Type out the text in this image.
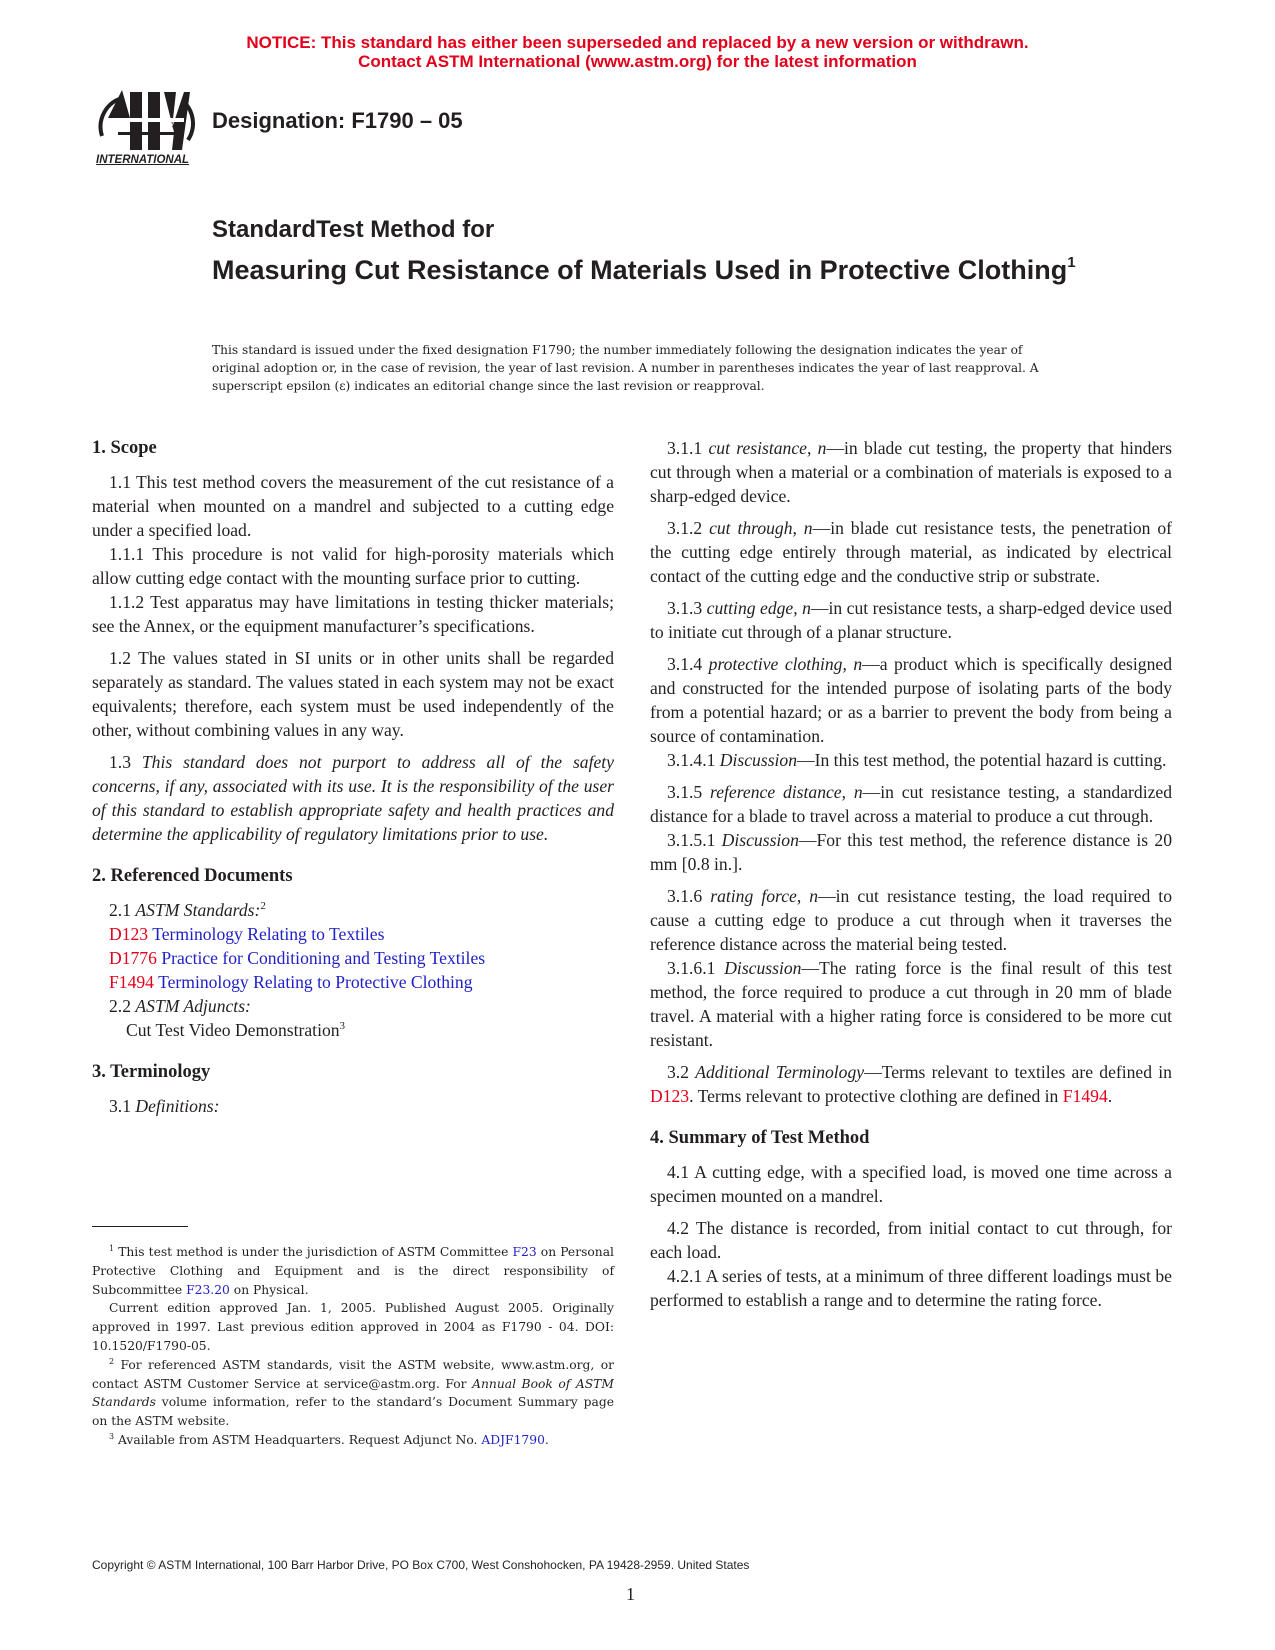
NOTICE: This standard has either been superseded and replaced by a new version or withdrawn.
Contact ASTM International (www.astm.org) for the latest information
INTERNATIONAL
Designation: F1790 – 05
StandardTest Method for
Measuring Cut Resistance of Materials Used in Protective Clothing$^1$
This standard is issued under the fixed designation F1790; the number immediately following the designation indicates the year of original adoption or, in the case of revision, the year of last revision. A number in parentheses indicates the year of last reapproval. A superscript epsilon (ε) indicates an editorial change since the last revision or reapproval.
1. Scope

1.1 This test method covers the measurement of the cut resistance of a material when mounted on a mandrel and subjected to a cutting edge under a specified load.

1.1.1 This procedure is not valid for high-porosity materials which allow cutting edge contact with the mounting surface prior to cutting.

1.1.2 Test apparatus may have limitations in testing thicker materials; see the Annex, or the equipment manufacturer’s specifications.

1.2 The values stated in SI units or in other units shall be regarded separately as standard. The values stated in each system may not be exact equivalents; therefore, each system must be used independently of the other, without combining values in any way.

1.3 This standard does not purport to address all of the safety concerns, if any, associated with its use. It is the responsibility of the user of this standard to establish appropriate safety and health practices and determine the applicability of regulatory limitations prior to use.

2. Referenced Documents

2.1 ASTM Standards:$^2$

D123 Terminology Relating to Textiles

D1776 Practice for Conditioning and Testing Textiles

F1494 Terminology Relating to Protective Clothing

2.2 ASTM Adjuncts:

Cut Test Video Demonstration$^3$

3. Terminology

3.1 Definitions:

$^1$ This test method is under the jurisdiction of ASTM Committee F23 on Personal Protective Clothing and Equipment and is the direct responsibility of Subcommittee F23.20 on Physical.

Current edition approved Jan. 1, 2005. Published August 2005. Originally approved in 1997. Last previous edition approved in 2004 as F1790 - 04. DOI: 10.1520/F1790-05.

$^2$ For referenced ASTM standards, visit the ASTM website, www.astm.org, or contact ASTM Customer Service at service@astm.org. For Annual Book of ASTM Standards volume information, refer to the standard’s Document Summary page on the ASTM website.

$^3$ Available from ASTM Headquarters. Request Adjunct No. ADJF1790.

3.1.1 cut resistance, n—in blade cut testing, the property that hinders cut through when a material or a combination of materials is exposed to a sharp-edged device.

3.1.2 cut through, n—in blade cut resistance tests, the penetration of the cutting edge entirely through material, as indicated by electrical contact of the cutting edge and the conductive strip or substrate.

3.1.3 cutting edge, n—in cut resistance tests, a sharp-edged device used to initiate cut through of a planar structure.

3.1.4 protective clothing, n—a product which is specifically designed and constructed for the intended purpose of isolating parts of the body from a potential hazard; or as a barrier to prevent the body from being a source of contamination.

3.1.4.1 Discussion—In this test method, the potential hazard is cutting.

3.1.5 reference distance, n—in cut resistance testing, a standardized distance for a blade to travel across a material to produce a cut through.

3.1.5.1 Discussion—For this test method, the reference distance is 20 mm [0.8 in.].

3.1.6 rating force, n—in cut resistance testing, the load required to cause a cutting edge to produce a cut through when it traverses the reference distance across the material being tested.

3.1.6.1 Discussion—The rating force is the final result of this test method, the force required to produce a cut through in 20 mm of blade travel. A material with a higher rating force is considered to be more cut resistant.

3.2 Additional Terminology—Terms relevant to textiles are defined in D123. Terms relevant to protective clothing are defined in F1494.

4. Summary of Test Method

4.1 A cutting edge, with a specified load, is moved one time across a specimen mounted on a mandrel.

4.2 The distance is recorded, from initial contact to cut through, for each load.

4.2.1 A series of tests, at a minimum of three different loadings must be performed to establish a range and to determine the rating force.

Copyright © ASTM International, 100 Barr Harbor Drive, PO Box C700, West Conshohocken, PA 19428-2959. United States
1
